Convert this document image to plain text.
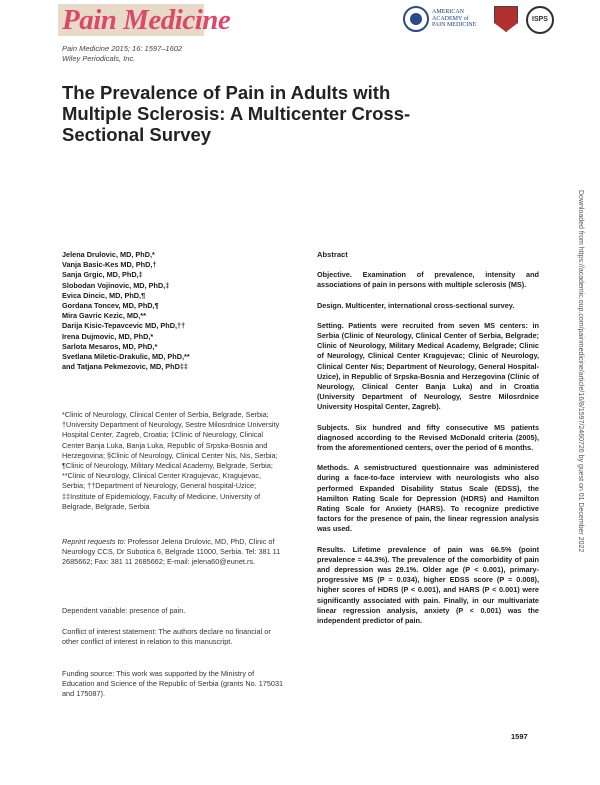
Pain Medicine	AMERICAN ACADEMY of PAIN MEDICINE
ISPS
Pain Medicine 2015; 16: 1597–1602
Wiley Periodicals, Inc.
The Prevalence of Pain in Adults with Multiple Sclerosis: A Multicenter Cross-Sectional Survey
Downloaded from https://academic.oup.com/painmedicine/article/16/8/1597/2460726 by guest on 01 December 2022
Jelena Drulovic, MD, PhD,*
Vanja Basic-Kes MD, PhD,†
Sanja Grgic, MD, PhD,‡
Slobodan Vojinovic, MD, PhD,‡
Evica Dincic, MD, PhD,¶
Gordana Toncev, MD, PhD,¶
Mira Gavric Kezic, MD,**
Darija Kisic-Tepavcevic MD, PhD,††
Irena Dujmovic, MD, PhD,*
Sarlota Mesaros, MD, PhD,*
Svetlana Miletic-Drakulic, MD, PhD,**
and Tatjana Pekmezovic, MD, PhD‡‡
*Clinic of Neurology, Clinical Center of Serbia, Belgrade, Serbia; †University Department of Neurology, Sestre Milosrdnice University Hospital Center, Zagreb, Croatia; ‡Clinic of Neurology, Clinical Center Banja Luka, Banja Luka, Republic of Srpska-Bosnia and Herzegovina; §Clinic of Neurology, Clinical Center Nis, Nis, Serbia; ¶Clinic of Neurology, Military Medical Academy, Belgrade, Serbia; **Clinic of Neurology, Clinical Center Kragujevac, Kragujevac, Serbia; ††Department of Neurology, General hospital-Uzice; ‡‡Institute of Epidemiology, Faculty of Medicine, University of Belgrade, Belgrade, Serbia
Reprint requests to: Professor Jelena Drulovic, MD, PhD, Clinic of Neurology CCS, Dr Subotica 6, Belgrade 11000, Serbia. Tel: 381 11 2685662; Fax: 381 11 2685662; E-mail: jelena60@eunet.rs.
Dependent variable: presence of pain.
Conflict of interest statement: The authors declare no financial or other conflict of interest in relation to this manuscript.
Funding source: This work was supported by the Ministry of Education and Science of the Republic of Serbia (grants No. 175031 and 175087).
Abstract

Objective. Examination of prevalence, intensity and associations of pain in persons with multiple sclerosis (MS).

Design. Multicenter, international cross-sectional survey.

Setting. Patients were recruited from seven MS centers: in Serbia (Clinic of Neurology, Clinical Center of Serbia, Belgrade; Clinic of Neurology, Military Medical Academy, Belgrade; Clinic of Neurology, Clinical Center Kragujevac; Clinic of Neurology, Clinical Center Nis; Department of Neurology, General Hospital-Uzice), in Republic of Srpska-Bosnia and Herzegovina (Clinic of Neurology, Clinical Center Banja Luka) and in Croatia (University Department of Neurology, Sestre Milosrdnice University Hospital Center, Zagreb).

Subjects. Six hundred and fifty consecutive MS patients diagnosed according to the Revised McDonald criteria (2005), from the aforementioned centers, over the period of 6 months.

Methods. A semistructured questionnaire was administered during a face-to-face interview with neurologists who also performed Expanded Disability Status Scale (EDSS), the Hamilton Rating Scale for Depression (HDRS) and Hamilton Rating Scale for Anxiety (HARS). To recognize predictive factors for the presence of pain, the linear regression analysis was used.

Results. Lifetime prevalence of pain was 66.5% (point prevalence = 44.3%). The prevalence of the comorbidity of pain and depression was 29.1%. Older age (P < 0.001), primary-progressive MS (P = 0.034), higher EDSS score (P = 0.008), higher scores of HDRS (P < 0.001), and HARS (P < 0.001) were significantly associated with pain. Finally, in our multivariate linear regression analysis, anxiety (P < 0.001) was the independent predictor of pain.

1597
